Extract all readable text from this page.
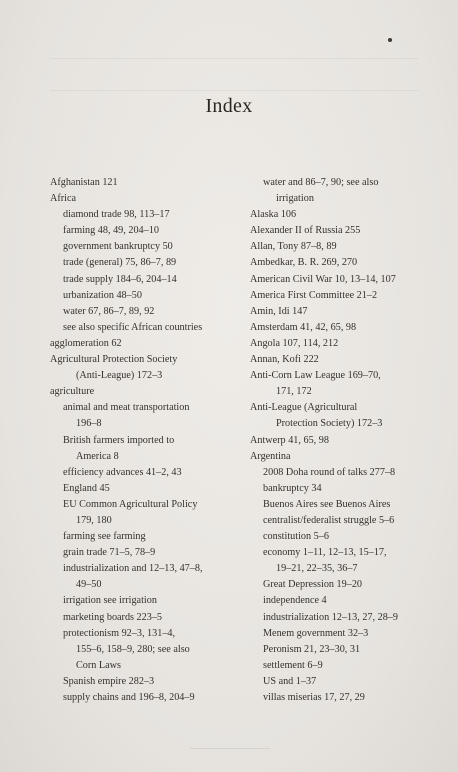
Index
Afghanistan 121
Africa
diamond trade 98, 113–17
farming 48, 49, 204–10
government bankruptcy 50
trade (general) 75, 86–7, 89
trade supply 184–6, 204–14
urbanization 48–50
water 67, 86–7, 89, 92
see also specific African countries
agglomeration 62
Agricultural Protection Society
(Anti-League) 172–3
agriculture
animal and meat transportation
196–8
British farmers imported to
America 8
efficiency advances 41–2, 43
England 45
EU Common Agricultural Policy
179, 180
farming see farming
grain trade 71–5, 78–9
industrialization and 12–13, 47–8,
49–50
irrigation see irrigation
marketing boards 223–5
protectionism 92–3, 131–4,
155–6, 158–9, 280; see also
Corn Laws
Spanish empire 282–3
supply chains and 196–8, 204–9
water and 86–7, 90; see also
irrigation
Alaska 106
Alexander II of Russia 255
Allan, Tony 87–8, 89
Ambedkar, B. R. 269, 270
American Civil War 10, 13–14, 107
America First Committee 21–2
Amin, Idi 147
Amsterdam 41, 42, 65, 98
Angola 107, 114, 212
Annan, Kofi 222
Anti-Corn Law League 169–70,
171, 172
Anti-League (Agricultural
Protection Society) 172–3
Antwerp 41, 65, 98
Argentina
2008 Doha round of talks 277–8
bankruptcy 34
Buenos Aires see Buenos Aires
centralist/federalist struggle 5–6
constitution 5–6
economy 1–11, 12–13, 15–17,
19–21, 22–35, 36–7
Great Depression 19–20
independence 4
industrialization 12–13, 27, 28–9
Menem government 32–3
Peronism 21, 23–30, 31
settlement 6–9
US and 1–37
villas miserias 17, 27, 29
